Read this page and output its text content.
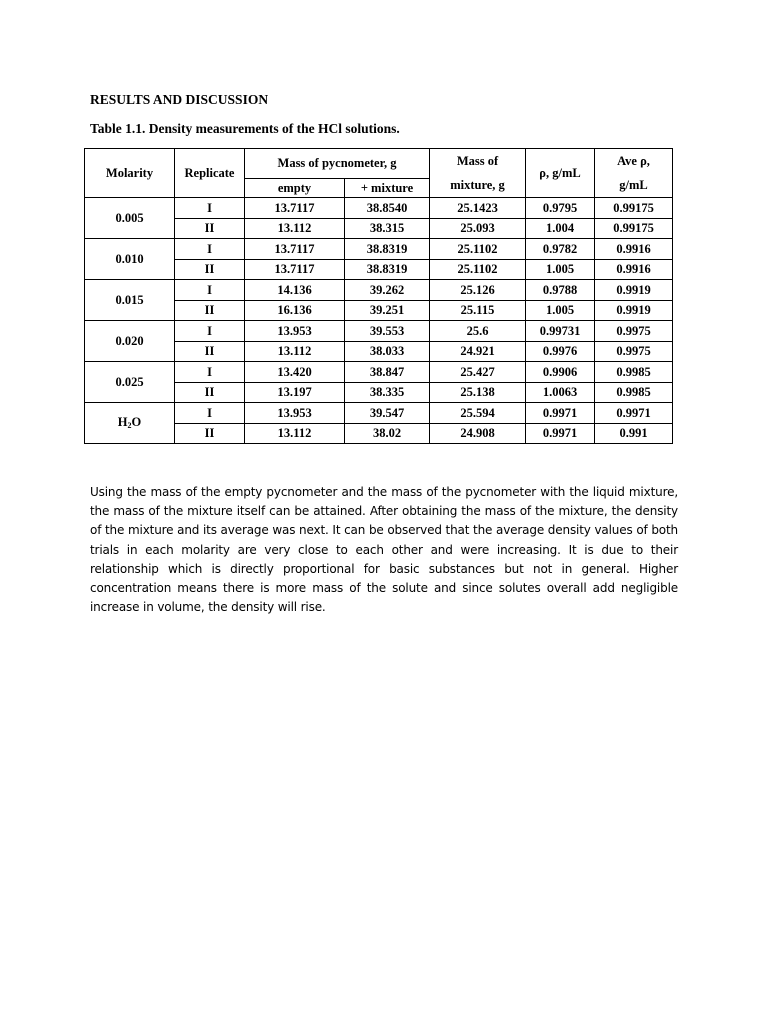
RESULTS AND DISCUSSION
Table 1.1. Density measurements of the HCl solutions.
Molarity	Replicate	Mass of pycnometer, g		Mass of
mixture, g	ρ, g/mL	Ave ρ,
g/mL
		empty	+ mixture			
0.005	I	13.7117	38.8540	25.1423	0.9795	0.99175
	II	13.112	38.315	25.093	1.004	0.99175
0.010	I	13.7117	38.8319	25.1102	0.9782	0.9916
	II	13.7117	38.8319	25.1102	1.005	0.9916
0.015	I	14.136	39.262	25.126	0.9788	0.9919
	II	16.136	39.251	25.115	1.005	0.9919
0.020	I	13.953	39.553	25.6	0.99731	0.9975
	II	13.112	38.033	24.921	0.9976	0.9975
0.025	I	13.420	38.847	25.427	0.9906	0.9985
	II	13.197	38.335	25.138	1.0063	0.9985
$H_2O$	I	13.953	39.547	25.594	0.9971	0.9971
	II	13.112	38.02	24.908	0.9971	0.991

Using the mass of the empty pycnometer and the mass of the pycnometer with the liquid mixture, the mass of the mixture itself can be attained. After obtaining the mass of the mixture, the density of the mixture and its average was next. It can be observed that the average density values of both trials in each molarity are very close to each other and were increasing. It is due to their relationship which is directly proportional for basic substances but not in general. Higher concentration means there is more mass of the solute and since solutes overall add negligible increase in volume, the density will rise.
